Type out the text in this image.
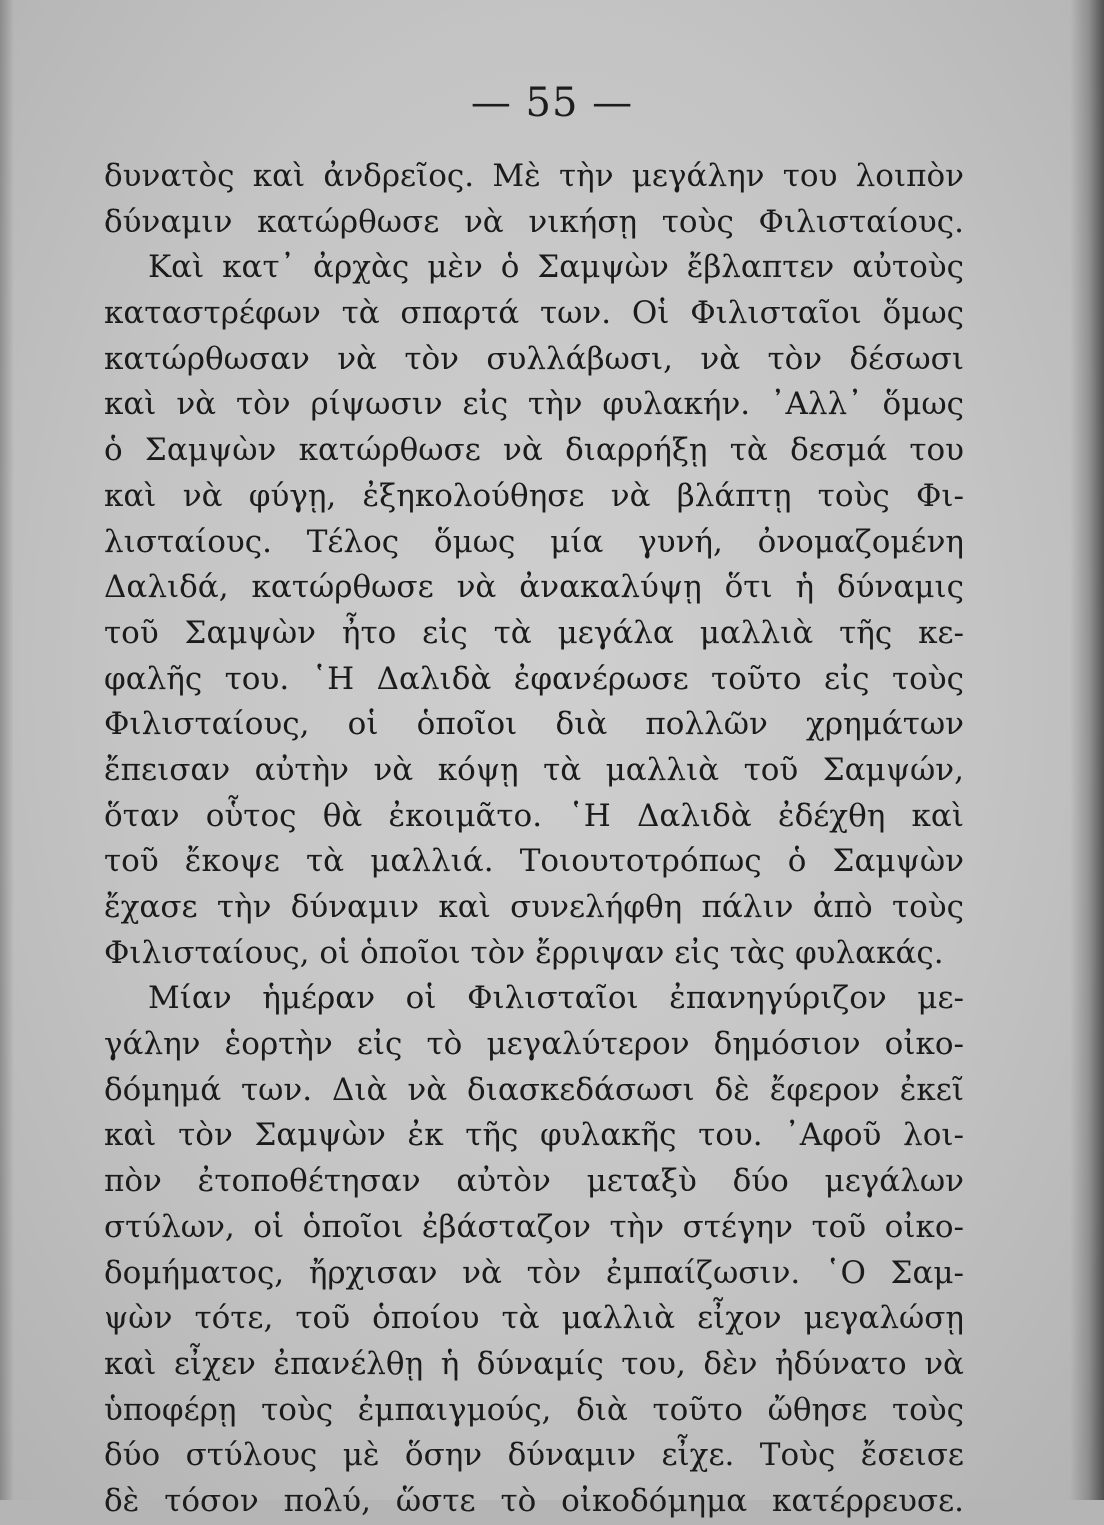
— 55 —
δυνατὸς καὶ ἀνδρεῖος. Μὲ τὴν μεγάλην του λοιπὸν
δύναμιν κατώρθωσε νὰ νικήσῃ τοὺς Φιλισταίους.
Καὶ κατ᾽ ἀρχὰς μὲν ὁ Σαμψὼν ἔβλαπτεν αὐτοὺς
καταστρέφων τὰ σπαρτά των. Οἱ Φιλισταῖοι ὅμως
κατώρθωσαν νὰ τὸν συλλάβωσι, νὰ τὸν δέσωσι
καὶ νὰ τὸν ρίψωσιν εἰς τὴν φυλακήν. ᾿Αλλ᾽ ὅμως
ὁ Σαμψὼν κατώρθωσε νὰ διαρρήξῃ τὰ δεσμά του
καὶ νὰ φύγῃ, ἐξηκολούθησε νὰ βλάπτῃ τοὺς Φι-
λισταίους. Τέλος ὅμως μία γυνή, ὀνομαζομένη
Δαλιδά, κατώρθωσε νὰ ἀνακαλύψῃ ὅτι ἡ δύναμις
τοῦ Σαμψὼν ἦτο εἰς τὰ μεγάλα μαλλιὰ τῆς κε-
φαλῆς του. ῾Η Δαλιδὰ ἐφανέρωσε τοῦτο εἰς τοὺς
Φιλισταίους, οἱ ὁποῖοι διὰ πολλῶν χρημάτων
ἔπεισαν αὐτὴν νὰ κόψῃ τὰ μαλλιὰ τοῦ Σαμψών,
ὅταν οὗτος θὰ ἐκοιμᾶτο. ῾Η Δαλιδὰ ἐδέχθη καὶ
τοῦ ἔκοψε τὰ μαλλιά. Τοιουτοτρόπως ὁ Σαμψὼν
ἔχασε τὴν δύναμιν καὶ συνελήφθη πάλιν ἀπὸ τοὺς
Φιλισταίους, οἱ ὁποῖοι τὸν ἔρριψαν εἰς τὰς φυλακάς.
Μίαν ἡμέραν οἱ Φιλισταῖοι ἐπανηγύριζον με-
γάλην ἑορτὴν εἰς τὸ μεγαλύτερον δημόσιον οἰκο-
δόμημά των. Διὰ νὰ διασκεδάσωσι δὲ ἔφερον ἐκεῖ
καὶ τὸν Σαμψὼν ἐκ τῆς φυλακῆς του. ᾿Αφοῦ λοι-
πὸν ἐτοποθέτησαν αὐτὸν μεταξὺ δύο μεγάλων
στύλων, οἱ ὁποῖοι ἐβάσταζον τὴν στέγην τοῦ οἰκο-
δομήματος, ἤρχισαν νὰ τὸν ἐμπαίζωσιν. ῾Ο Σαμ-
ψὼν τότε, τοῦ ὁποίου τὰ μαλλιὰ εἶχον μεγαλώσῃ
καὶ εἶχεν ἐπανέλθῃ ἡ δύναμίς του, δὲν ἠδύνατο νὰ
ὑποφέρῃ τοὺς ἐμπαιγμούς, διὰ τοῦτο ὤθησε τοὺς
δύο στύλους μὲ ὅσην δύναμιν εἶχε. Τοὺς ἔσεισε
δὲ τόσον πολύ, ὥστε τὸ οἰκοδόμημα κατέρρευσε.
